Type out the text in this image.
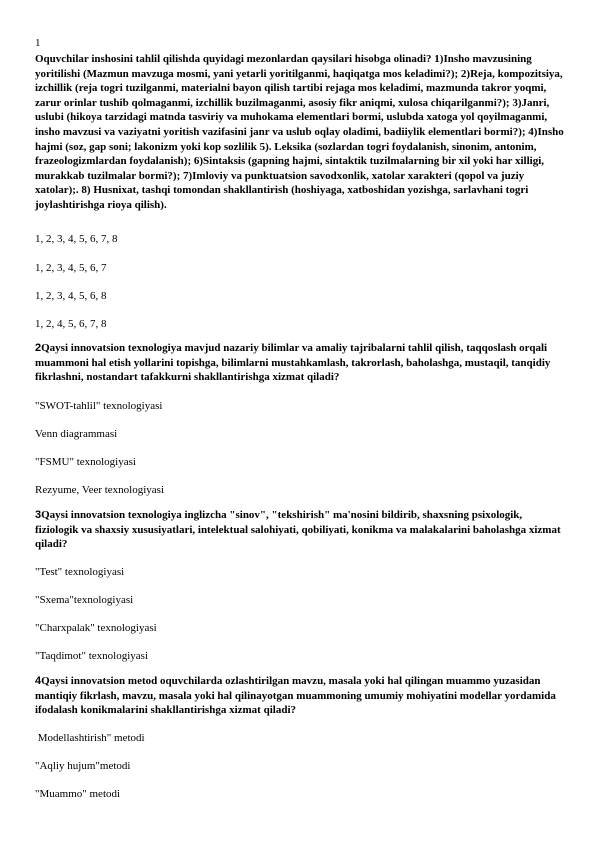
1
Oquvchilar inshosini tahlil qilishda quyidagi mezonlardan qaysilari hisobga olinadi? 1)Insho mavzusining yoritilishi (Mazmun mavzuga mosmi, yani yetarli yoritilganmi, haqiqatga mos keladimi?); 2)Reja, kompozitsiya, izchillik (reja togri tuzilganmi, materialni bayon qilish tartibi rejaga mos keladimi, mazmunda takror yoqmi, zarur orinlar tushib qolmaganmi, izchillik buzilmaganmi, asosiy fikr aniqmi, xulosa chiqarilganmi?); 3)Janri, uslubi (hikoya tarzidagi matnda tasviriy va muhokama elementlari bormi, uslubda xatoga yol qoyilmaganmi, insho mavzusi va vaziyatni yoritish vazifasini janr va uslub oqlay oladimi, badiiylik elementlari bormi?); 4)Insho hajmi (soz, gap soni; lakonizm yoki kop sozlilik 5). Leksika (sozlardan togri foydalanish, sinonim, antonim, frazeologizmlardan foydalanish); 6)Sintaksis (gapning hajmi, sintaktik tuzilmalarning bir xil yoki har xilligi, murakkab tuzilmalar bormi?); 7)Imloviy va punktuatsion savodxonlik, xatolar xarakteri (qopol va juziy xatolar);. 8) Husnixat, tashqi tomondan shakllantirish (hoshiyaga, xatboshidan yozishga, sarlavhani togri joylashtirishga rioya qilish).
1, 2, 3, 4, 5, 6, 7, 8
1, 2, 3, 4, 5, 6, 7
1, 2, 3, 4, 5, 6, 8
1, 2, 4, 5, 6, 7, 8
2Qaysi innovatsion texnologiya mavjud nazariy bilimlar va amaliy tajribalarni tahlil qilish, taqqoslash orqali muammoni hal etish yollarini topishga, bilimlarni mustahkamlash, takrorlash, baholashga, mustaqil, tanqidiy fikrlashni, nostandart tafakkurni shakllantirishga xizmat qiladi?
"SWOT-tahlil" texnologiyasi
Venn diagrammasi
"FSMU" texnologiyasi
Rezyume, Veer texnologiyasi
3Qaysi innovatsion texnologiya inglizcha "sinov", "tekshirish" ma'nosini bildirib, shaxsning psixologik, fiziologik va shaxsiy xususiyatlari, intelektual salohiyati, qobiliyati, konikma va malakalarini baholashga xizmat qiladi?
"Test" texnologiyasi
"Sxema"texnologiyasi
"Charxpalak" texnologiyasi
"Taqdimot" texnologiyasi
4Qaysi innovatsion metod oquvchilarda ozlashtirilgan mavzu, masala yoki hal qilingan muammo yuzasidan mantiqiy fikrlash, mavzu, masala yoki hal qilinayotgan muammoning umumiy mohiyatini modellar yordamida ifodalash konikmalarini shakllantirishga xizmat qiladi?
Modellashtirish" metodi
"Aqliy hujum"metodi
"Muammo" metodi
